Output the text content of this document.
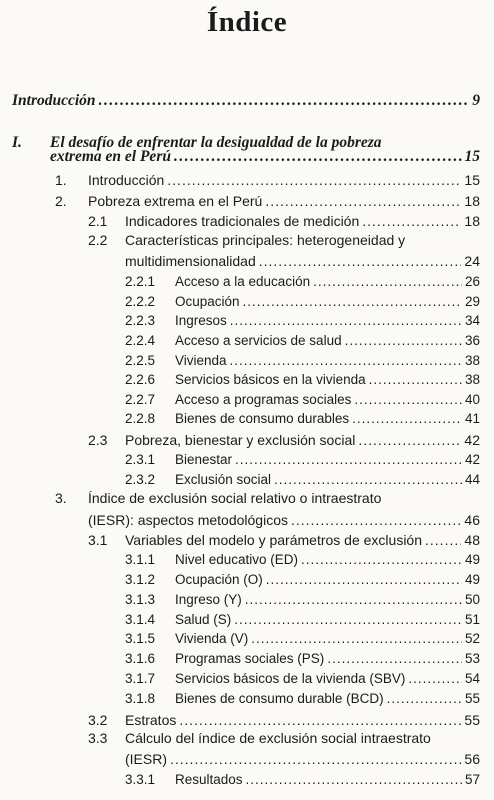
Índice
Introducción .....	9
I. El desafío de enfrentar la desigualdad de la pobreza
extrema en el Perú .....	15
1. Introducción .....	15
2. Pobreza extrema en el Perú .....	18
2.1 Indicadores tradicionales de medición .....	18
2.2 Características principales: heterogeneidad y
multidimensionalidad .....	24
2.2.1 Acceso a la educación .....	26
2.2.2 Ocupación .....	29
2.2.3 Ingresos .....	34
2.2.4 Acceso a servicios de salud .....	36
2.2.5 Vivienda .....	38
2.2.6 Servicios básicos en la vivienda .....	38
2.2.7 Acceso a programas sociales .....	40
2.2.8 Bienes de consumo durables .....	41
2.3 Pobreza, bienestar y exclusión social .....	42
2.3.1 Bienestar .....	42
2.3.2 Exclusión social .....	44
3. Índice de exclusión social relativo o intraestrato
(IESR): aspectos metodológicos .....	46
3.1 Variables del modelo y parámetros de exclusión .....	48
3.1.1 Nivel educativo (ED) .....	49
3.1.2 Ocupación (O) .....	49
3.1.3 Ingreso (Y) .....	50
3.1.4 Salud (S) .....	51
3.1.5 Vivienda (V) .....	52
3.1.6 Programas sociales (PS) .....	53
3.1.7 Servicios básicos de la vivienda (SBV) .....	54
3.1.8 Bienes de consumo durable (BCD) .....	55
3.2 Estratos .....	55
3.3 Cálculo del índice de exclusión social intraestrato
(IESR) .....	56
3.3.1 Resultados .....	57
